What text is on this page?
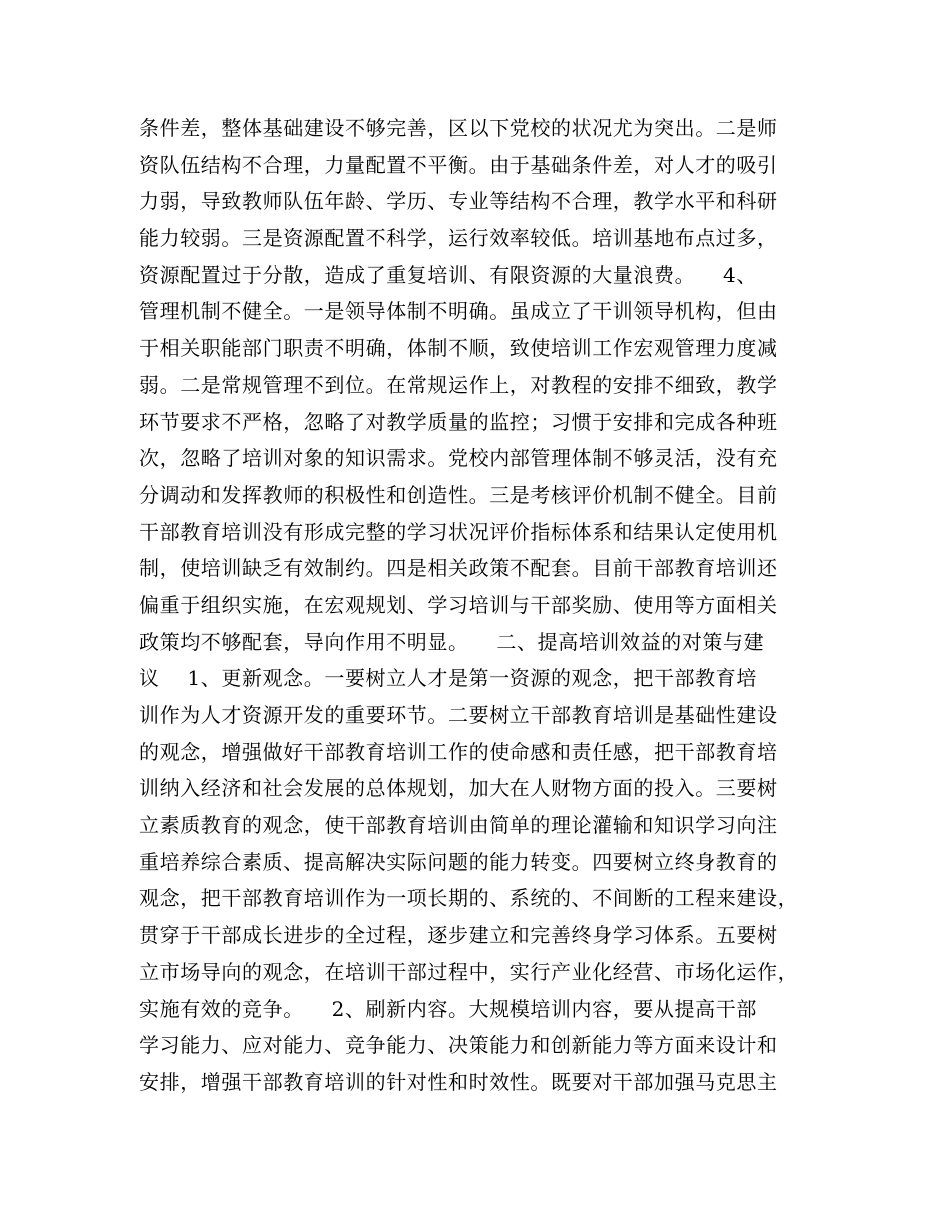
条件差，整体基础建设不够完善，区以下党校的状况尤为突出。二是师
资队伍结构不合理，力量配置不平衡。由于基础条件差，对人才的吸引
力弱，导致教师队伍年龄、学历、专业等结构不合理，教学水平和科研
能力较弱。三是资源配置不科学，运行效率较低。培训基地布点过多，
资源配置过于分散，造成了重复培训、有限资源的大量浪费。    4、
管理机制不健全。一是领导体制不明确。虽成立了干训领导机构，但由
于相关职能部门职责不明确，体制不顺，致使培训工作宏观管理力度减
弱。二是常规管理不到位。在常规运作上，对教程的安排不细致，教学
环节要求不严格，忽略了对教学质量的监控；习惯于安排和完成各种班
次，忽略了培训对象的知识需求。党校内部管理体制不够灵活，没有充
分调动和发挥教师的积极性和创造性。三是考核评价机制不健全。目前
干部教育培训没有形成完整的学习状况评价指标体系和结果认定使用机
制，使培训缺乏有效制约。四是相关政策不配套。目前干部教育培训还
偏重于组织实施，在宏观规划、学习培训与干部奖励、使用等方面相关
政策均不够配套，导向作用不明显。    二、提高培训效益的对策与建
议    1、更新观念。一要树立人才是第一资源的观念，把干部教育培
训作为人才资源开发的重要环节。二要树立干部教育培训是基础性建设
的观念，增强做好干部教育培训工作的使命感和责任感，把干部教育培
训纳入经济和社会发展的总体规划，加大在人财物方面的投入。三要树
立素质教育的观念，使干部教育培训由简单的理论灌输和知识学习向注
重培养综合素质、提高解决实际问题的能力转变。四要树立终身教育的
观念，把干部教育培训作为一项长期的、系统的、不间断的工程来建设，
贯穿于干部成长进步的全过程，逐步建立和完善终身学习体系。五要树
立市场导向的观念，在培训干部过程中，实行产业化经营、市场化运作，
实施有效的竞争。    2、刷新内容。大规模培训内容，要从提高干部
学习能力、应对能力、竞争能力、决策能力和创新能力等方面来设计和
安排，增强干部教育培训的针对性和时效性。既要对干部加强马克思主
